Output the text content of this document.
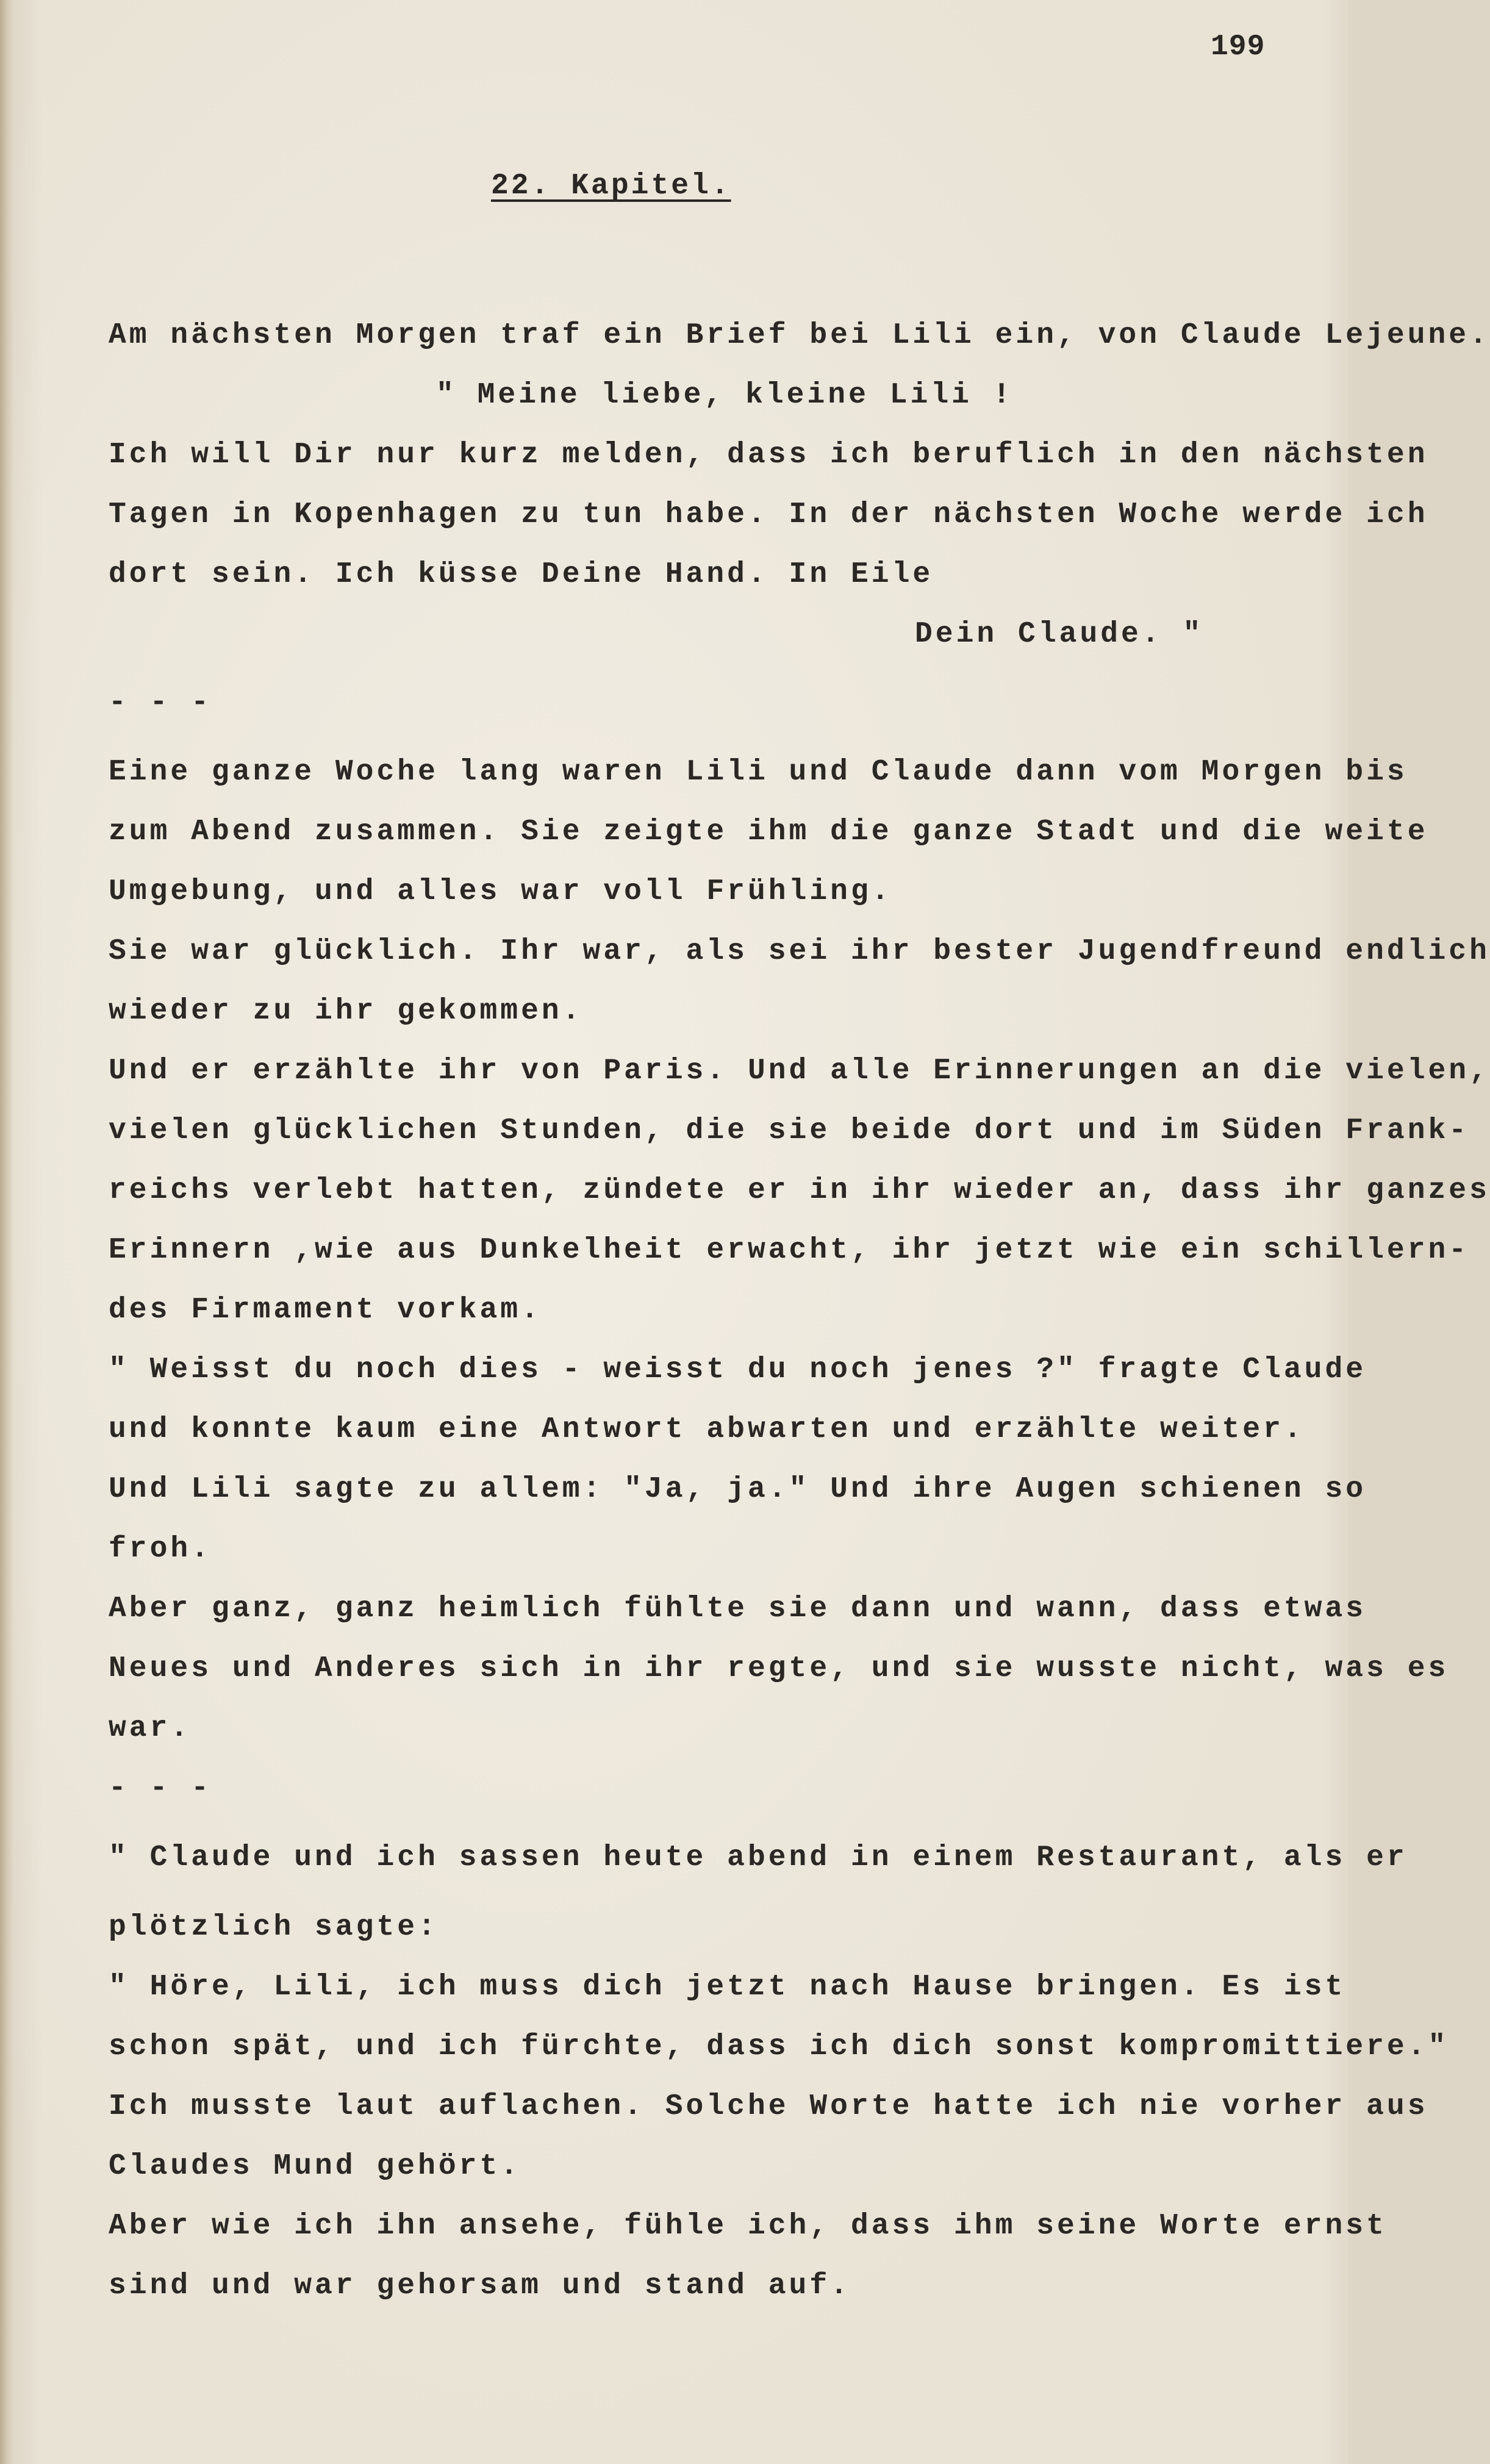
199
22. Kapitel.
Am nächsten Morgen traf ein Brief bei Lili ein, von Claude Lejeune.
" Meine liebe, kleine Lili !
Ich will Dir nur kurz melden, dass ich beruflich in den nächsten
Tagen in Kopenhagen zu tun habe. In der nächsten Woche werde ich
dort sein. Ich küsse Deine Hand. In Eile
Dein Claude. "
- - -
Eine ganze Woche lang waren Lili und Claude dann vom Morgen bis
zum Abend zusammen. Sie zeigte ihm die ganze Stadt und die weite
Umgebung, und alles war voll Frühling.
Sie war glücklich. Ihr war, als sei ihr bester Jugendfreund endlich
wieder zu ihr gekommen.
Und er erzählte ihr von Paris. Und alle Erinnerungen an die vielen,
vielen glücklichen Stunden, die sie beide dort und im Süden Frank-
reichs verlebt hatten, zündete er in ihr wieder an, dass ihr ganzes
Erinnern ,wie aus Dunkelheit erwacht, ihr jetzt wie ein schillern-
des Firmament vorkam.
" Weisst du noch dies - weisst du noch jenes ?" fragte Claude
und konnte kaum eine Antwort abwarten und erzählte weiter.
Und Lili sagte zu allem: "Ja, ja." Und ihre Augen schienen so
froh.
Aber ganz, ganz heimlich fühlte sie dann und wann, dass etwas
Neues und Anderes sich in ihr regte, und sie wusste nicht, was es
war.
- - -
" Claude und ich sassen heute abend in einem Restaurant, als er
plötzlich sagte:
" Höre, Lili, ich muss dich jetzt nach Hause bringen. Es ist
schon spät, und ich fürchte, dass ich dich sonst kompromittiere."
Ich musste laut auflachen. Solche Worte hatte ich nie vorher aus
Claudes Mund gehört.
Aber wie ich ihn ansehe, fühle ich, dass ihm seine Worte ernst
sind und war gehorsam und stand auf.
